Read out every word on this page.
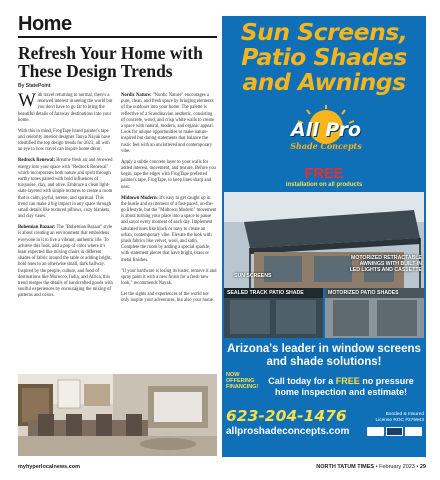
Home
Refresh Your Home with
These Design Trends
By StatePoint

With travel returning to normal, there's a renewed interest in seeing the world but you don't have to go far to bring the beautiful details of faraway destinations into your home.

With this in mind, FrogTape brand painter's tape and celebrity interior designer Tanya Nayak have identified the top design trends for 2023, all with an eye to how travel can inspire home décor.

Redrock Renewal: Breathe fresh air and renewed energy into your space with "Redrock Renewal" which incorporates both nature and spirit through earthy tones paired with bold influences of turquoise, clay, and olive. Embrace a clean light-slate layered with simple textures to create a room that is calm, joyful, serene, and spiritual. This trend can make a big impact in any space through small details like textured pillows, cozy blankets, and clay vases.

Bohemian Bazaar: The "Bohemian Bazaar" style is about creating an environment that emboldens everyone in it to live a vibrant, authentic life. To achieve this look, add a pop of color where it's least expected like mixing chairs in different shades of fabric around the table or adding bright, bold hues to an otherwise small, dark hallway. Inspired by the people, culture, and food of destinations like Morocco, India, and Africa, this trend merges the details of handcrafted goods with soulful experiences by encouraging the mixing of patterns and colors.

Nordic Nature: "Nordic Nature" encourages a pure, clean, and fresh space by bringing elements of the outdoors into your home. The palette is reflective of a Scandinavian aesthetic, consisting of concrete, wood, and crisp white walls to create a space with natural, modern, and organic appeal. Look for unique opportunities to make nature-inspired but daring statements that balance the rustic feel with an uncluttered and contemporary vibe.

Apply a subtle concrete layer to your walls for added interest, movement, and texture. Before you begin, tape the edges with FrogTape preferred painter's tape, FrogTape, to keep lines sharp and neat.

Midtown Modern: It's easy to get caught up in the hustle and excitement of a fast-paced, on-the-go lifestyle, but the "Midtown Modern" movement is about turning your place into a space to pause and savor every moment of each day. Implement saturated hues like black or navy to create an urban, contemporary vibe. Elevate the look with plush fabrics like velvet, wool, and satin. Complete the room by adding a special sparkle, with statement pieces that have bright, brass or metal finishes.

"If your hardware is losing its luster, remove it and spray paint it with a new finish for a fresh new look," recommends Nayak.

Let the sights and experiences of the world not only inspire your adventures, but also your home.

Sun Screens,
Patio Shades
and Awnings
All Pro
Shade Concepts
FREE
installation on all products
SUN SCREENS
MOTORIZED RETRACTABLE
AWNINGS WITH BUILT-IN
LED LIGHTS AND CASSETTE
SEALED TRACK PATIO SHADE	MOTORIZED PATIO SHADES
Arizona's leader in window screens
and shade solutions!
NOW
OFFERING
FINANCING!
Call today for a FREE no pressure
home inspection and estimate!
623-204-1476
allproshadeconcepts.com
Bonded & Insured
License ROC #275943
myhyperlocalnews.com	NORTH TATUM TIMES • February 2023 • 29
